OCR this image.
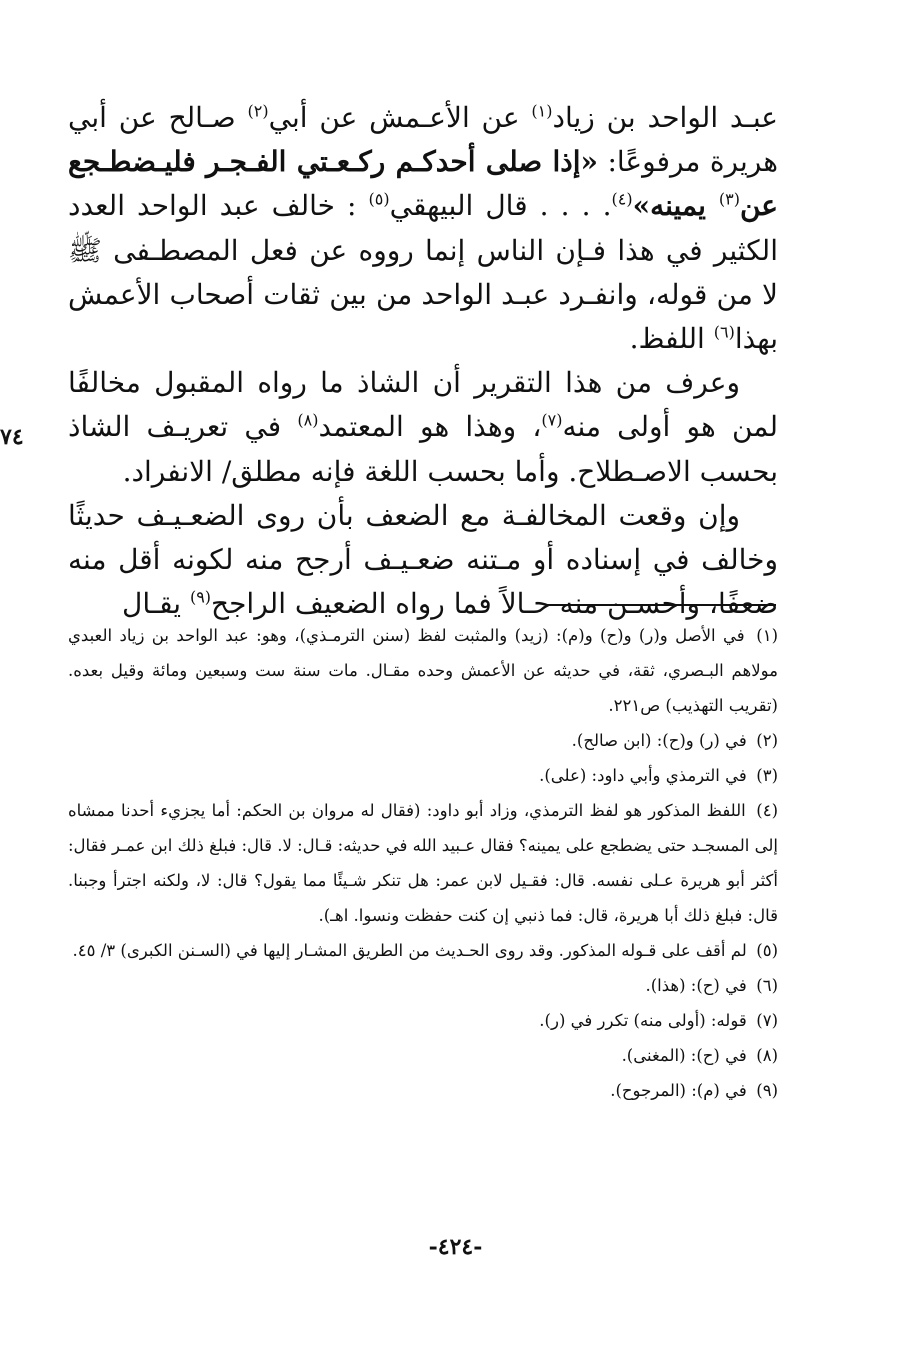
عبـد الواحد بن زياد$^{(١)}$ عن الأعـمش عن أبي$^{(٢)}$ صـالح عن أبي هريرة مرفوعًا: «إذا صلى أحدكـم ركـعـتي الفـجـر فليـضطـجع عن$^{(٣)}$ يمينه»$^{(٤)}$. . . . قال البيهقي$^{(٥)}$ : خالف عبد الواحد العدد الكثير في هذا فـإن الناس إنما رووه عن فعل المصطـفى ﷺ لا من قوله، وانفـرد عبـد الواحد من بين ثقات أصحاب الأعمش بهذا$^{(٦)}$ اللفظ.

وعرف من هذا التقرير أن الشاذ ما رواه المقبول مخالفًا لمن هو أولى منه$^{(٧)}$، وهذا هو المعتمد$^{(٨)}$ في تعريـف الشاذ بحسب الاصـطلاح. وأما بحسب اللغة فإنه مطلق/ الانفراد.

وإن وقعت المخالفـة مع الضعف بأن روى الضعـيـف حديثًا وخالف في إسناده أو مـتنه ضعـيـف أرجح منه لكونه أقل منه ضعفًا، وأحسـن منه حـالاً فما رواه الضعيف الراجح$^{(٩)}$ يقـال

٧٤

(١) في الأصل و(ر) و(ح) و(م): (زيد) والمثبت لفظ (سنن الترمـذي)، وهو: عبد الواحد بن زياد العبدي مولاهم البـصري، ثقة، في حديثه عن الأعمش وحده مقـال. مات سنة ست وسبعين ومائة وقيل بعده. (تقريب التهذيب) ص٢٢١.

(٢) في (ر) و(ح): (ابن صالح).

(٣) في الترمذي وأبي داود: (على).

(٤) اللفظ المذكور هو لفظ الترمذي، وزاد أبو داود: (فقال له مروان بن الحكم: أما يجزيء أحدنا ممشاه إلى المسجـد حتى يضطجع على يمينه؟ فقال عـبيد الله في حديثه: قـال: لا. قال: فبلغ ذلك ابن عمـر فقال: أكثر أبو هريرة عـلى نفسه. قال: فقـيل لابن عمر: هل تنكر شـيئًا مما يقول؟ قال: لا، ولكنه اجترأ وجبنا. قال: فبلغ ذلك أبا هريرة، قال: فما ذنبي إن كنت حفظت ونسوا. اهـ).

(٥) لم أقف على قـوله المذكور. وقد روى الحـديث من الطريق المشـار إليها في (السـنن الكبرى) ٣/ ٤٥.

(٦) في (ح): (هذا).

(٧) قوله: (أولى منه) تكرر في (ر).

(٨) في (ح): (المغنى).

(٩) في (م): (المرجوح).

-٤٢٤-
